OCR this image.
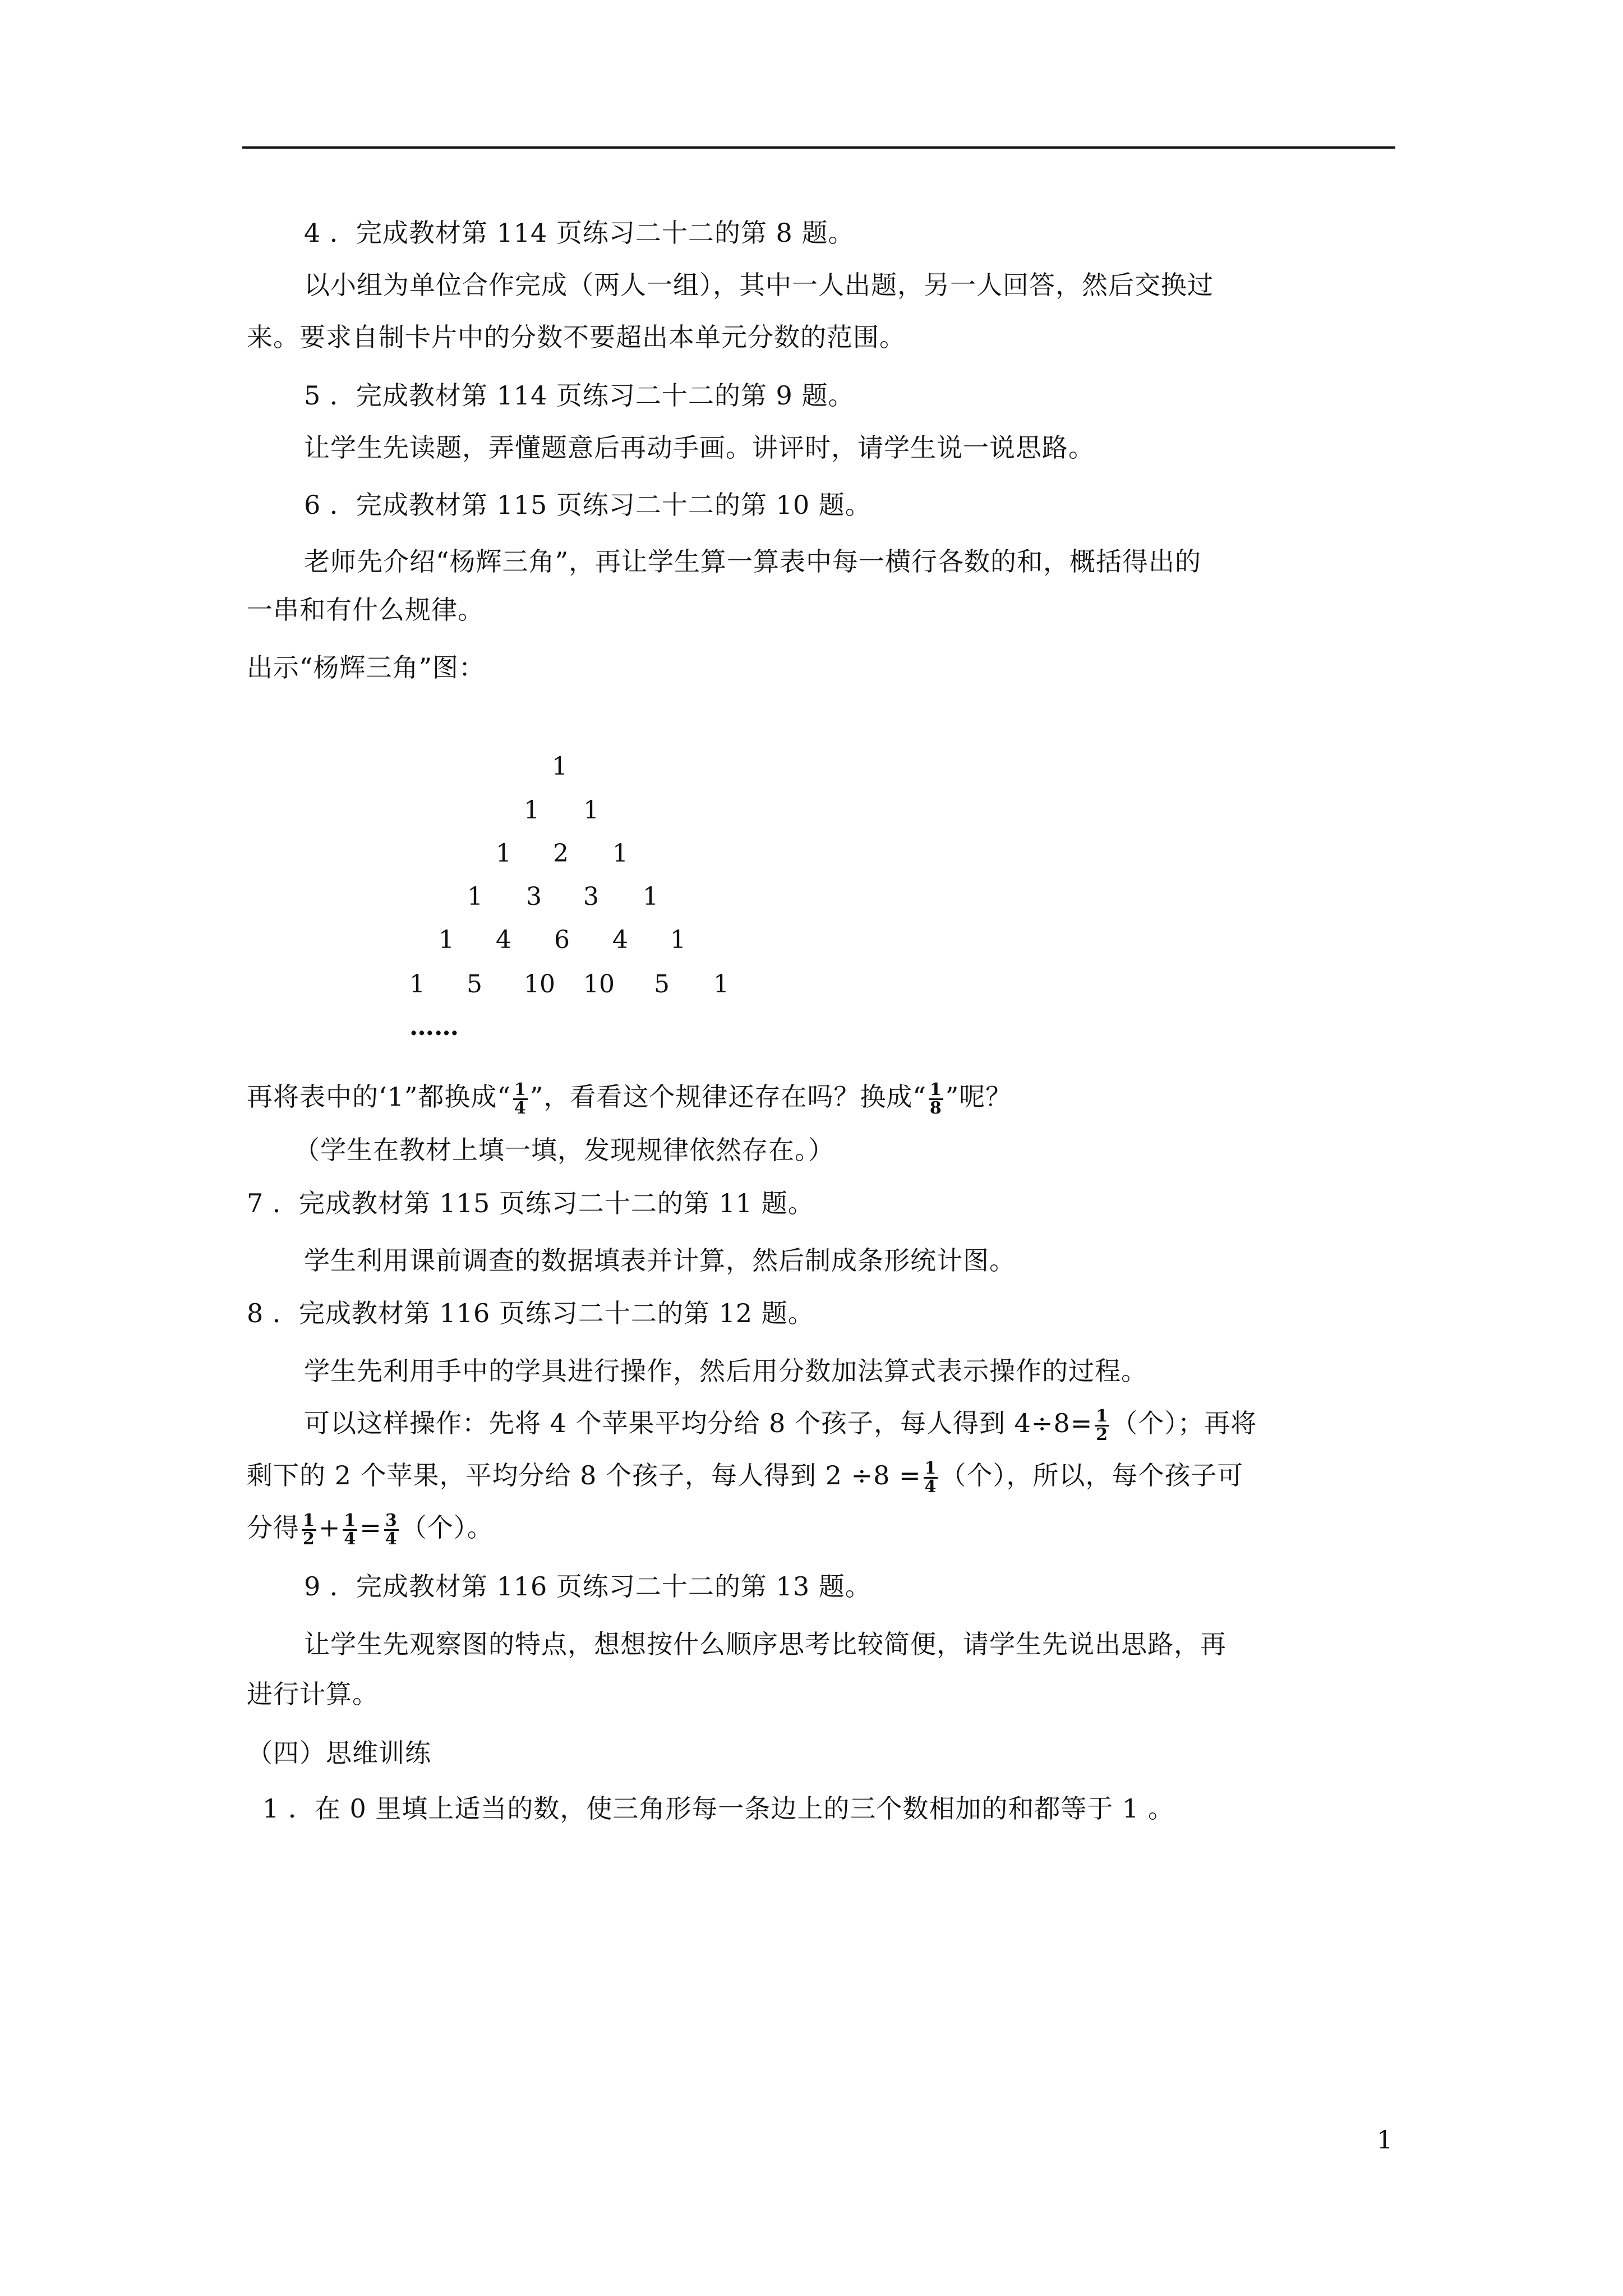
4 ．完成教材第 114 页练习二十二的第 8 题。
以小组为单位合作完成（两人一组），其中一人出题，另一人回答，然后交换过
来。要求自制卡片中的分数不要超出本单元分数的范围。
5 ．完成教材第 114 页练习二十二的第 9 题。
让学生先读题，弄懂题意后再动手画。讲评时，请学生说一说思路。
6 ．完成教材第 115 页练习二十二的第 10 题。
老师先介绍“杨辉三角”，再让学生算一算表中每一横行各数的和，概括得出的
一串和有什么规律。
出示“杨辉三角”图：
1
1 1
1 2 1
1 3 3 1
1 4 6 4 1
1 5 10 10 5 1
……
再将表中的‘1”都换成“ $\frac{1}{4}$ ”，看看这个规律还存在吗？换成“ $\frac{1}{8}$ ”呢？
（学生在教材上填一填，发现规律依然存在。）
7 ．完成教材第 115 页练习二十二的第 11 题。
学生利用课前调查的数据填表并计算，然后制成条形统计图。
8 ．完成教材第 116 页练习二十二的第 12 题。
学生先利用手中的学具进行操作，然后用分数加法算式表示操作的过程。
可以这样操作：先将 4 个苹果平均分给 8 个孩子，每人得到 $4\div 8= \frac{1}{2}$ （个）；再将
剩下的 2 个苹果，平均分给 8 个孩子，每人得到 $2 \div 8 = \frac{1}{4}$ （个），所以，每个孩子可
分得 $\frac{1}{2} + \frac{1}{4} = \frac{3}{4}$ （个）。
9 ．完成教材第 116 页练习二十二的第 13 题。
让学生先观察图的特点，想想按什么顺序思考比较简便，请学生先说出思路，再
进行计算。
（四）思维训练
1 ．在 0 里填上适当的数，使三角形每一条边上的三个数相加的和都等于 1 。
1
